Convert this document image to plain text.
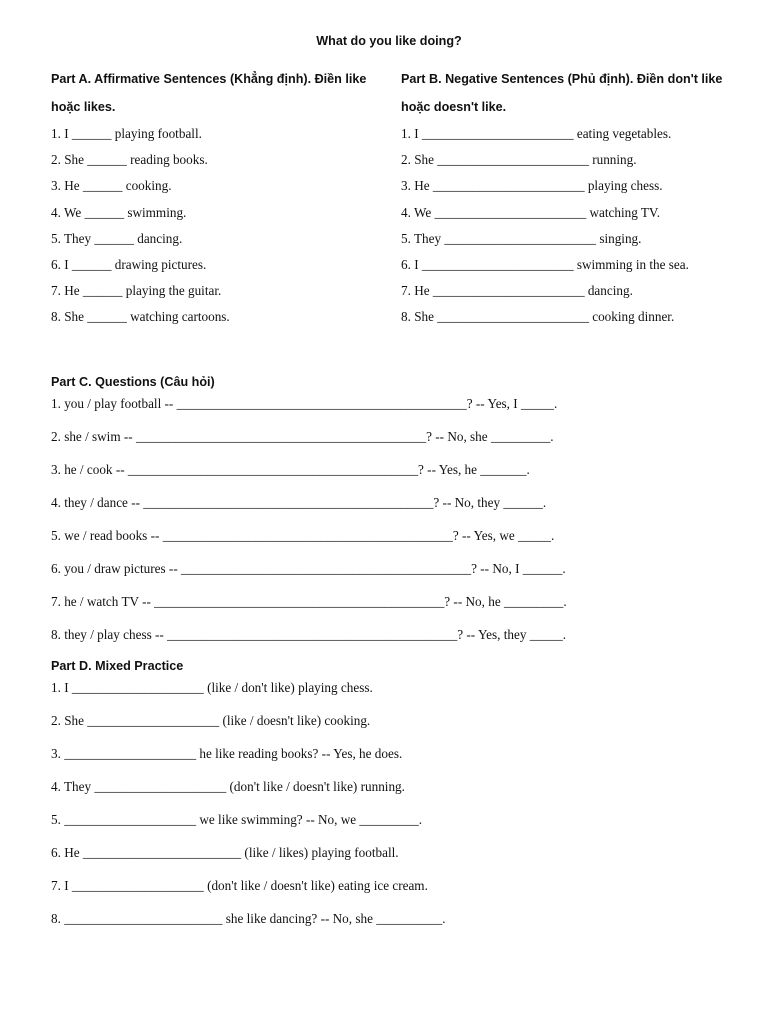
What do you like doing?
Part A. Affirmative Sentences (Khẳng định). Điền like
hoặc likes.
1. I ______ playing football.
2. She ______ reading books.
3. He ______ cooking.
4. We ______ swimming.
5. They ______ dancing.
6. I ______ drawing pictures.
7. He ______ playing the guitar.
8. She ______ watching cartoons.
Part B. Negative Sentences (Phủ định). Điền don't like
hoặc doesn't like.
1. I _______________________ eating vegetables.
2. She _______________________ running.
3. He _______________________ playing chess.
4. We _______________________ watching TV.
5. They _______________________ singing.
6. I _______________________ swimming in the sea.
7. He _______________________ dancing.
8. She _______________________ cooking dinner.
Part C. Questions (Câu hỏi)
1. you / play football -- ____________________________________________? -- Yes, I _____.
2. she / swim -- ____________________________________________? -- No, she _________.
3. he / cook -- ____________________________________________? -- Yes, he _______.
4. they / dance -- ____________________________________________? -- No, they ______.
5. we / read books -- ____________________________________________? -- Yes, we _____.
6. you / draw pictures -- ____________________________________________? -- No, I ______.
7. he / watch TV -- ____________________________________________? -- No, he _________.
8. they / play chess -- ____________________________________________? -- Yes, they _____.
Part D. Mixed Practice
1. I ____________________ (like / don't like) playing chess.
2. She ____________________ (like / doesn't like) cooking.
3. ____________________ he like reading books? -- Yes, he does.
4. They ____________________ (don't like / doesn't like) running.
5. ____________________ we like swimming? -- No, we _________.
6. He ________________________ (like / likes) playing football.
7. I ____________________ (don't like / doesn't like) eating ice cream.
8. ________________________ she like dancing? -- No, she __________.
